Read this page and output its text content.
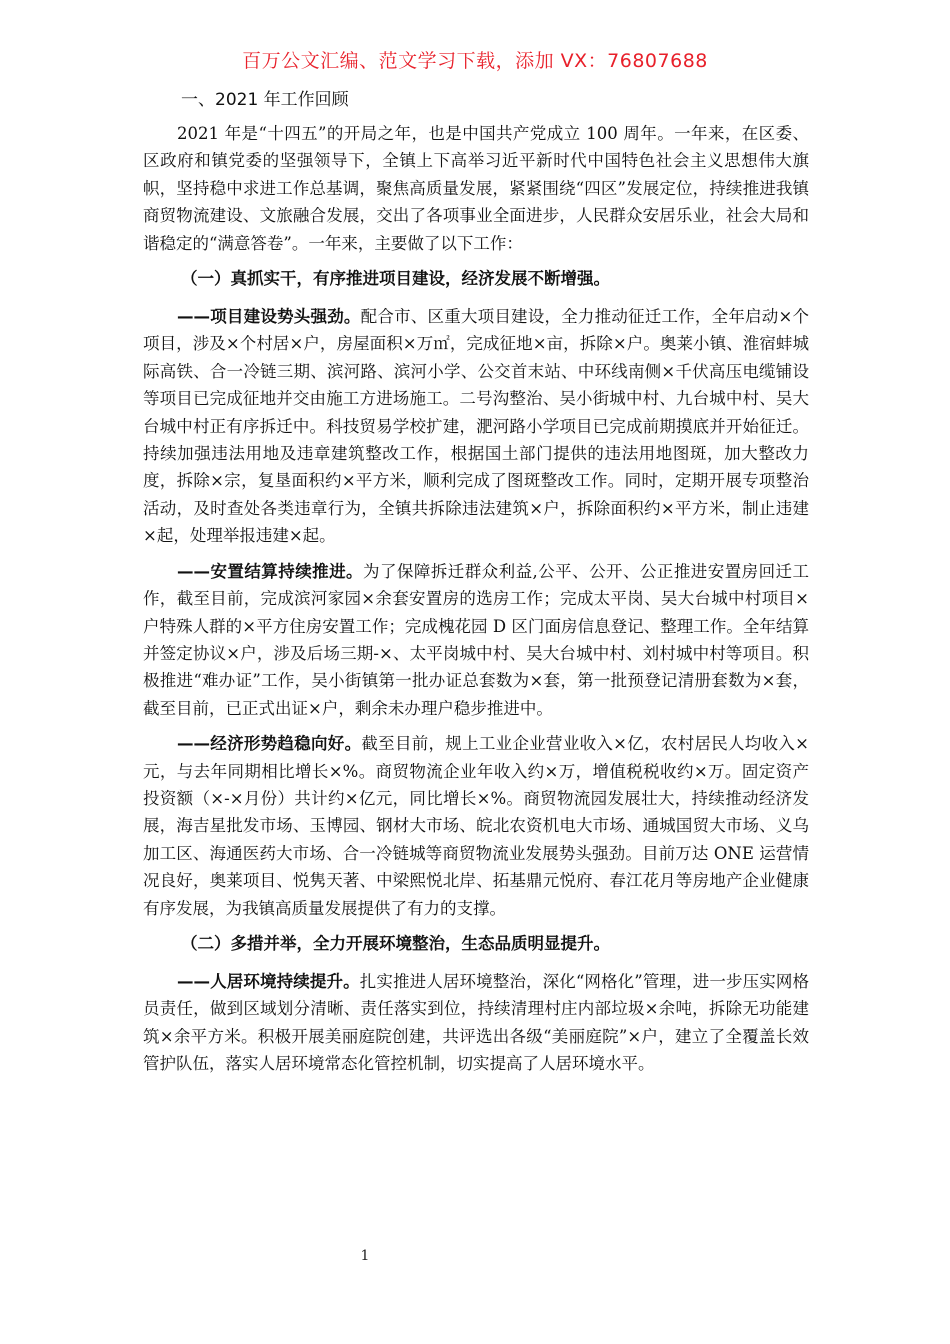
百万公文汇编、范文学习下载，添加 VX：76807688
一、2021 年工作回顾

2021 年是“十四五”的开局之年，也是中国共产党成立 100 周年。一年来，在区委、区政府和镇党委的坚强领导下，全镇上下高举习近平新时代中国特色社会主义思想伟大旗帜，坚持稳中求进工作总基调，聚焦高质量发展，紧紧围绕“四区”发展定位，持续推进我镇商贸物流建设、文旅融合发展，交出了各项事业全面进步，人民群众安居乐业，社会大局和谐稳定的“满意答卷”。一年来，主要做了以下工作：

（一）真抓实干，有序推进项目建设，经济发展不断增强。

——项目建设势头强劲。配合市、区重大项目建设，全力推动征迁工作，全年启动×个项目，涉及×个村居×户，房屋面积×万㎡，完成征地×亩，拆除×户。奥莱小镇、淮宿蚌城际高铁、合一冷链三期、滨河路、滨河小学、公交首末站、中环线南侧×千伏高压电缆铺设等项目已完成征地并交由施工方进场施工。二号沟整治、吴小街城中村、九台城中村、吴大台城中村正有序拆迁中。科技贸易学校扩建，淝河路小学项目已完成前期摸底并开始征迁。持续加强违法用地及违章建筑整改工作，根据国土部门提供的违法用地图斑，加大整改力度，拆除×宗，复垦面积约×平方米，顺利完成了图斑整改工作。同时，定期开展专项整治活动，及时查处各类违章行为，全镇共拆除违法建筑×户，拆除面积约×平方米，制止违建×起，处理举报违建×起。

——安置结算持续推进。为了保障拆迁群众利益,公平、公开、公正推进安置房回迁工作，截至目前，完成滨河家园×余套安置房的选房工作；完成太平岗、吴大台城中村项目×户特殊人群的×平方住房安置工作；完成槐花园 D 区门面房信息登记、整理工作。全年结算并签定协议×户，涉及后场三期-×、太平岗城中村、吴大台城中村、刘村城中村等项目。积极推进“难办证”工作，吴小街镇第一批办证总套数为×套，第一批预登记清册套数为×套，截至目前，已正式出证×户，剩余未办理户稳步推进中。

——经济形势趋稳向好。截至目前，规上工业企业营业收入×亿，农村居民人均收入×元，与去年同期相比增长×%。商贸物流企业年收入约×万，增值税税收约×万。固定资产投资额（×-×月份）共计约×亿元，同比增长×%。商贸物流园发展壮大，持续推动经济发展，海吉星批发市场、玉博园、钢材大市场、皖北农资机电大市场、通城国贸大市场、义乌加工区、海通医药大市场、合一冷链城等商贸物流业发展势头强劲。目前万达 ONE 运营情况良好，奥莱项目、悦隽天著、中梁熙悦北岸、拓基鼎元悦府、春江花月等房地产企业健康有序发展，为我镇高质量发展提供了有力的支撑。

（二）多措并举，全力开展环境整治，生态品质明显提升。

——人居环境持续提升。扎实推进人居环境整治，深化“网格化”管理，进一步压实网格员责任，做到区域划分清晰、责任落实到位，持续清理村庄内部垃圾×余吨，拆除无功能建筑×余平方米。积极开展美丽庭院创建，共评选出各级“美丽庭院”×户，建立了全覆盖长效管护队伍，落实人居环境常态化管控机制，切实提高了人居环境水平。

1
